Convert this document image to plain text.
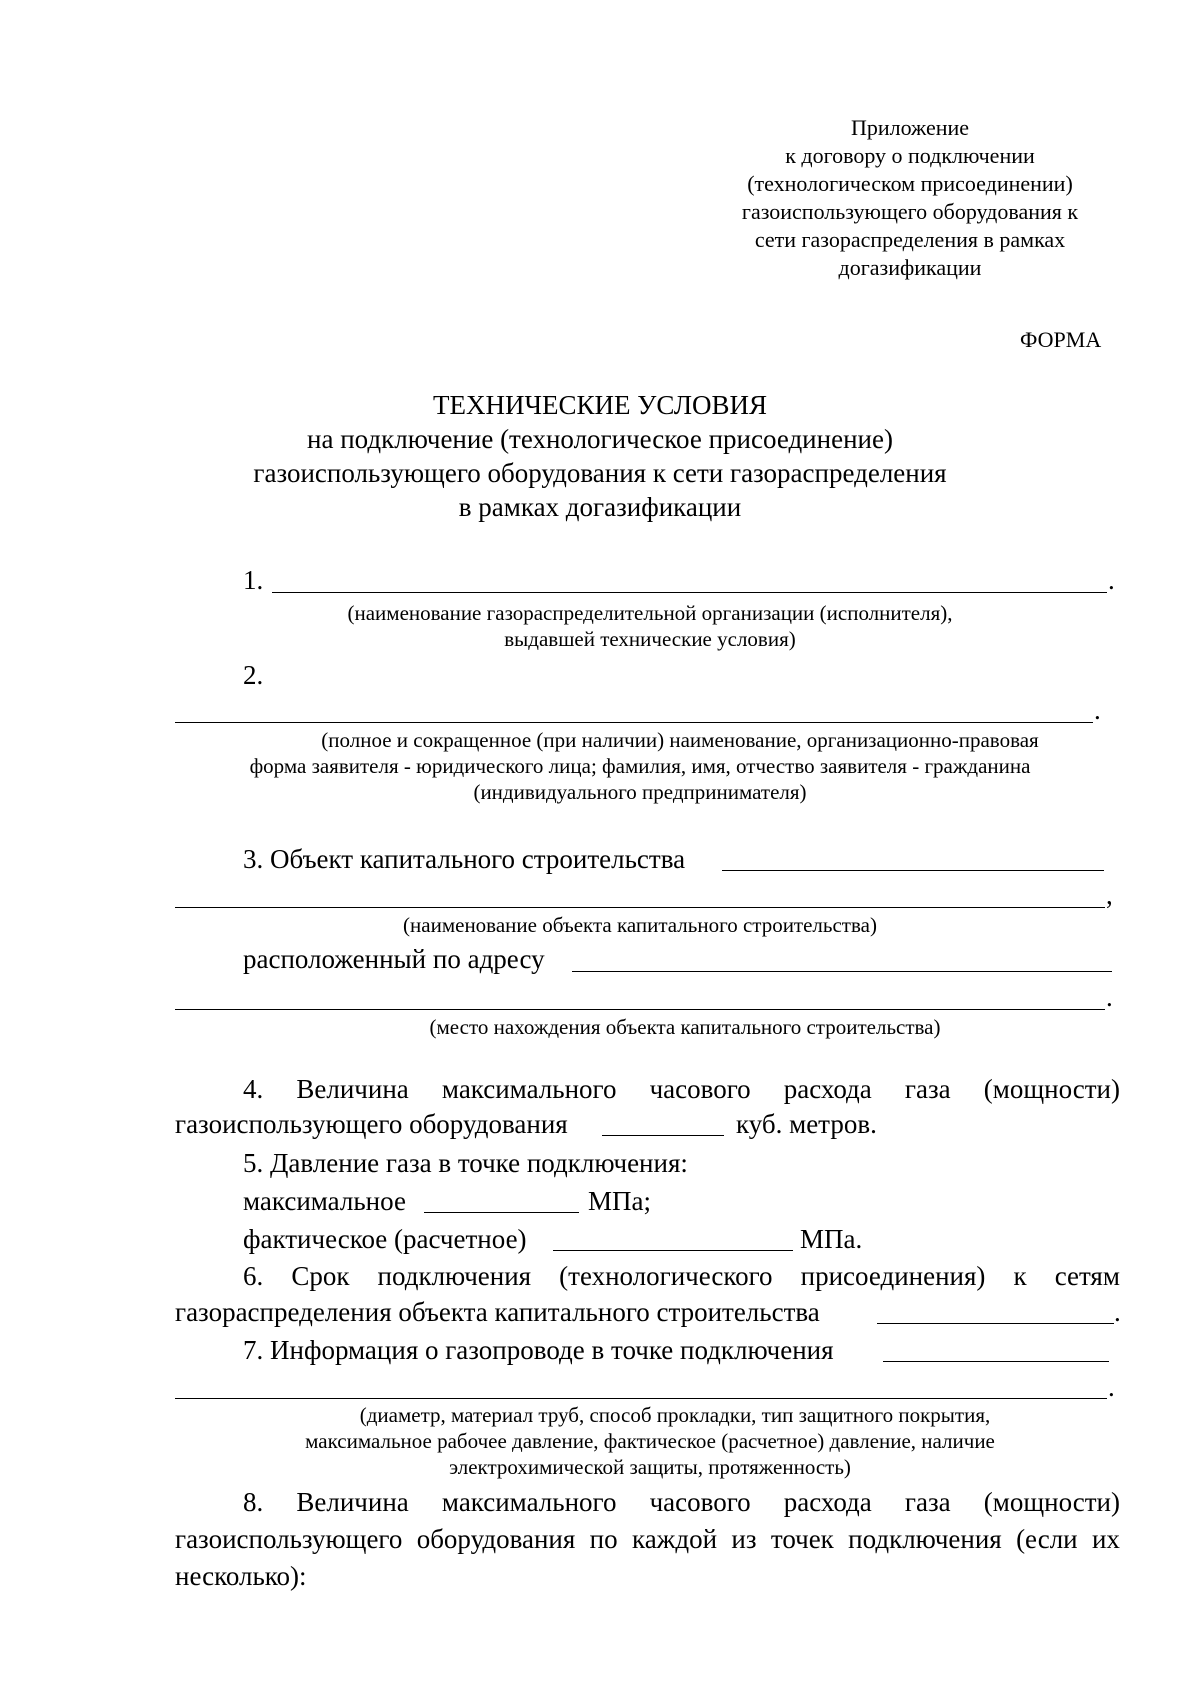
Приложение
к договору о подключении
(технологическом присоединении)
газоиспользующего оборудования к
сети газораспределения в рамках
догазификации
ФОРМА
ТЕХНИЧЕСКИЕ УСЛОВИЯ
на подключение (технологическое присоединение)
газоиспользующего оборудования к сети газораспределения
в рамках догазификации
1.	.
(наименование газораспределительной организации (исполнителя),
выдавшей технические условия)
2.
.
(полное и сокращенное (при наличии) наименование, организационно-правовая
форма заявителя - юридического лица; фамилия, имя, отчество заявителя - гражданина
(индивидуального предпринимателя)
3. Объект капитального строительства
,
(наименование объекта капитального строительства)
расположенный по адресу
.
(место нахождения объекта капитального строительства)
4. Величина максимального часового расхода газа (мощности)
газоиспользующего оборудования	куб. метров.
5. Давление газа в точке подключения:
максимальное	МПа;
фактическое (расчетное)	МПа.
6. Срок подключения (технологического присоединения) к сетям
газораспределения объекта капитального строительства	.
7. Информация о газопроводе в точке подключения
.
(диаметр, материал труб, способ прокладки, тип защитного покрытия,
максимальное рабочее давление, фактическое (расчетное) давление, наличие
электрохимической защиты, протяженность)
8. Величина максимального часового расхода газа (мощности)
газоиспользующего оборудования по каждой из точек подключения (если их
несколько):
